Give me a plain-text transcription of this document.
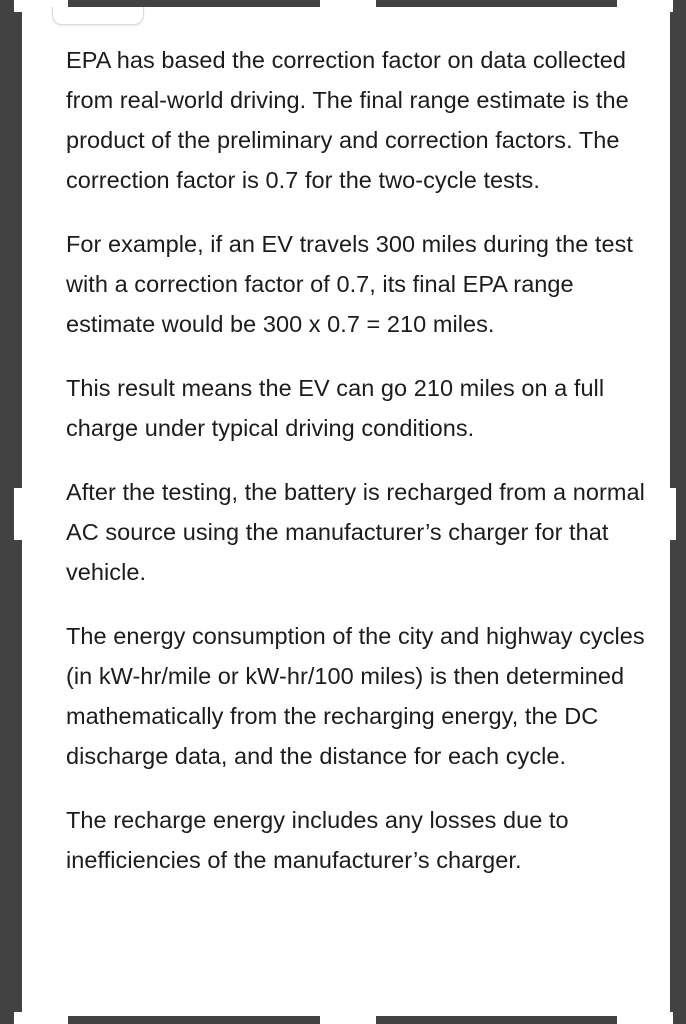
EPA has based the correction factor on data collected from real-world driving. The final range estimate is the product of the preliminary and correction factors. The correction factor is 0.7 for the two-cycle tests.

For example, if an EV travels 300 miles during the test with a correction factor of 0.7, its final EPA range estimate would be 300 x 0.7 = 210 miles.

This result means the EV can go 210 miles on a full charge under typical driving conditions.

After the testing, the battery is recharged from a normal AC source using the manufacturer’s charger for that vehicle.

The energy consumption of the city and highway cycles (in kW-hr/mile or kW-hr/100 miles) is then determined mathematically from the recharging energy, the DC discharge data, and the distance for each cycle.

The recharge energy includes any losses due to inefficiencies of the manufacturer’s charger.
